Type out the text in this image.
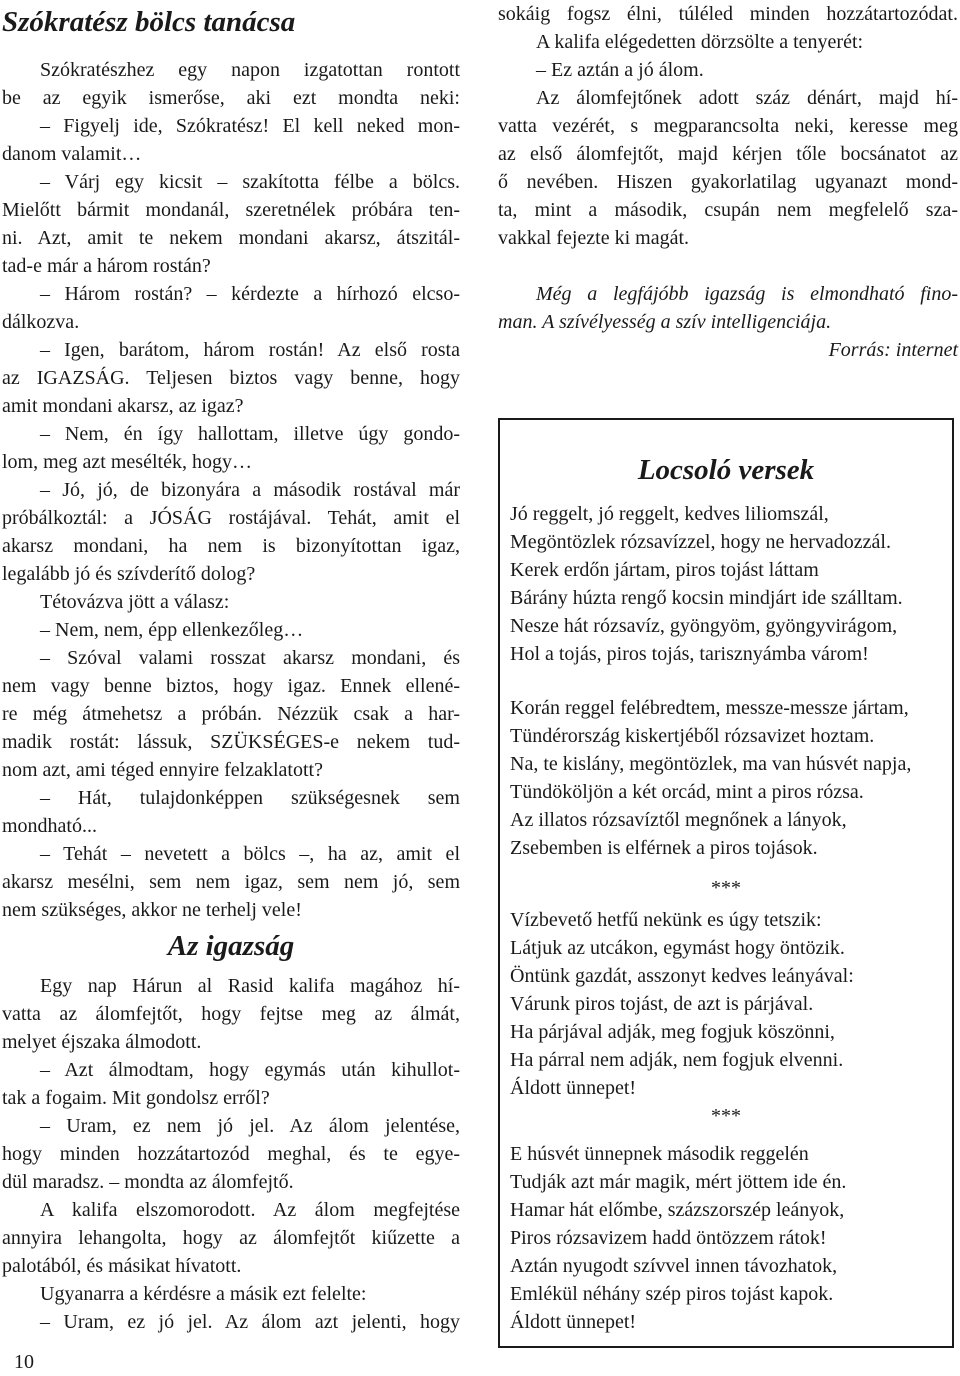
Szókratész bölcs tanácsa
Szókratészhez egy napon izgatottan rontott
be az egyik ismerőse, aki ezt mondta neki:
– Figyelj ide, Szókratész! El kell neked mon-
danom valamit…
– Várj egy kicsit – szakította félbe a bölcs.
Mielőtt bármit mondanál, szeretnélek próbára ten-
ni. Azt, amit te nekem mondani akarsz, átszitál-
tad-e már a három rostán?
– Három rostán? – kérdezte a hírhozó elcso-
dálkozva.
– Igen, barátom, három rostán! Az első rosta
az IGAZSÁG. Teljesen biztos vagy benne, hogy
amit mondani akarsz, az igaz?
– Nem, én így hallottam, illetve úgy gondo-
lom, meg azt mesélték, hogy…
– Jó, jó, de bizonyára a második rostával már
próbálkoztál: a JÓSÁG rostájával. Tehát, amit el
akarsz mondani, ha nem is bizonyítottan igaz,
legalább jó és szívderítő dolog?
Tétovázva jött a válasz:
– Nem, nem, épp ellenkezőleg…
– Szóval valami rosszat akarsz mondani, és
nem vagy benne biztos, hogy igaz. Ennek ellené-
re még átmehetsz a próbán. Nézzük csak a har-
madik rostát: lássuk, SZÜKSÉGES-e nekem tud-
nom azt, ami téged ennyire felzaklatott?
– Hát, tulajdonképpen szükségesnek sem
mondható...
– Tehát – nevetett a bölcs –, ha az, amit el
akarsz mesélni, sem nem igaz, sem nem jó, sem
nem szükséges, akkor ne terhelj vele!
Az igazság
Egy nap Hárun al Rasid kalifa magához hí-
vatta az álomfejtőt, hogy fejtse meg az álmát,
melyet éjszaka álmodott.
– Azt álmodtam, hogy egymás után kihullot-
tak a fogaim. Mit gondolsz erről?
– Uram, ez nem jó jel. Az álom jelentése,
hogy minden hozzátartozód meghal, és te egye-
dül maradsz. – mondta az álomfejtő.
A kalifa elszomorodott. Az álom megfejtése
annyira lehangolta, hogy az álomfejtőt kiűzette a
palotából, és másikat hívatott.
Ugyanarra a kérdésre a másik ezt felelte:
– Uram, ez jó jel. Az álom azt jelenti, hogy
10
sokáig fogsz élni, túléled minden hozzátartozódat.
A kalifa elégedetten dörzsölte a tenyerét:
– Ez aztán a jó álom.
Az álomfejtőnek adott száz dénárt, majd hí-
vatta vezérét, s megparancsolta neki, keresse meg
az első álomfejtőt, majd kérjen tőle bocsánatot az
ő nevében. Hiszen gyakorlatilag ugyanazt mond-
ta, mint a második, csupán nem megfelelő sza-
vakkal fejezte ki magát.
Még a legfájóbb igazság is elmondható fino-
man. A szívélyesség a szív intelligenciája.
Forrás: internet
Locsoló versek
Jó reggelt, jó reggelt, kedves liliomszál,
Megöntözlek rózsavízzel, hogy ne hervadozzál.
Kerek erdőn jártam, piros tojást láttam
Bárány húzta rengő kocsin mindjárt ide szálltam.
Nesze hát rózsavíz, gyöngyöm, gyöngyvirágom,
Hol a tojás, piros tojás, tarisznyámba várom!
Korán reggel felébredtem, messze-messze jártam,
Tündérország kiskertjéből rózsavizet hoztam.
Na, te kislány, megöntözlek, ma van húsvét napja,
Tündököljön a két orcád, mint a piros rózsa.
Az illatos rózsavíztől megnőnek a lányok,
Zsebemben is elférnek a piros tojások.
***
Vízbevető hetfű nekünk es úgy tetszik:
Látjuk az utcákon, egymást hogy öntözik.
Öntünk gazdát, asszonyt kedves leányával:
Várunk piros tojást, de azt is párjával.
Ha párjával adják, meg fogjuk köszönni,
Ha párral nem adják, nem fogjuk elvenni.
Áldott ünnepet!
***
E húsvét ünnepnek második reggelén
Tudják azt már magik, mért jöttem ide én.
Hamar hát előmbe, százszorszép leányok,
Piros rózsavizem hadd öntözzem rátok!
Aztán nyugodt szívvel innen távozhatok,
Emlékül néhány szép piros tojást kapok.
Áldott ünnepet!
